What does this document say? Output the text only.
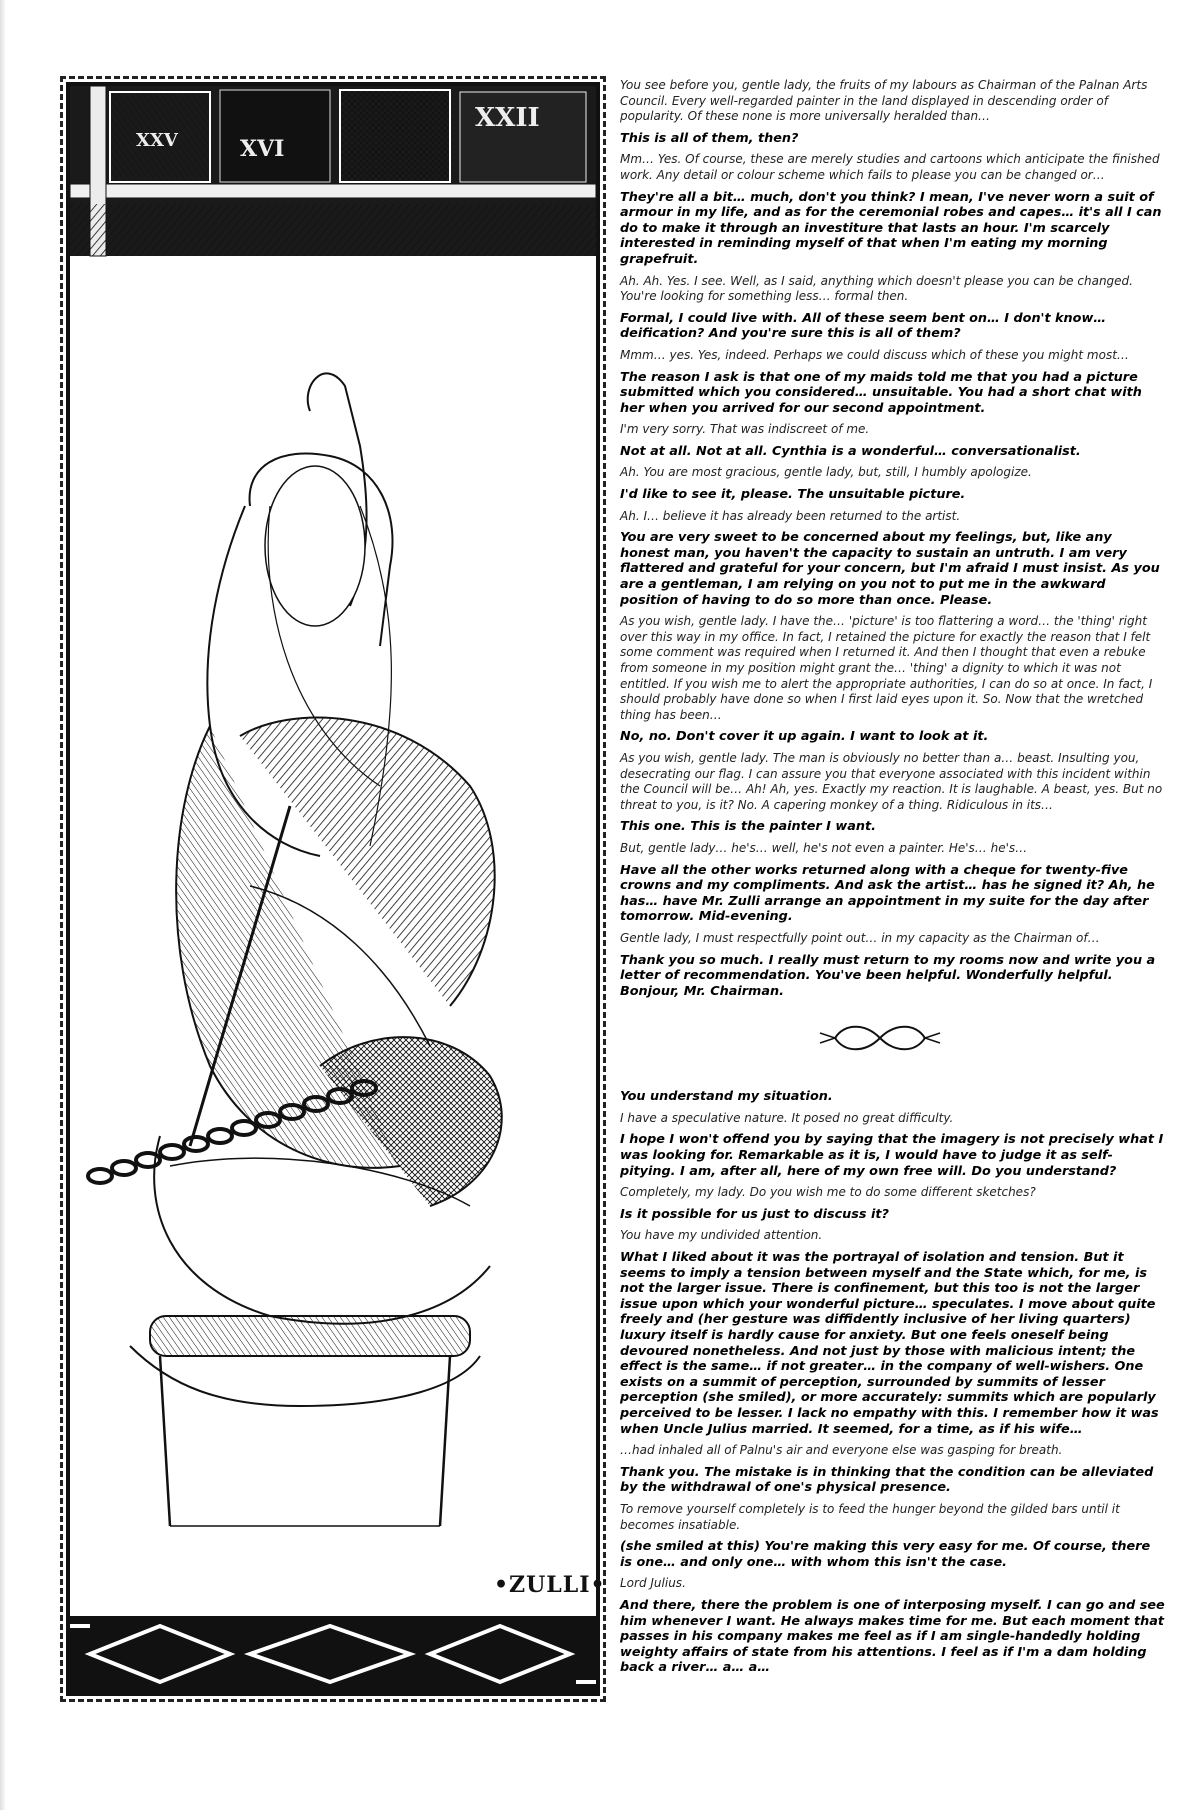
XVI
XXV
XXII
•ZULLI•

You see before you, gentle lady, the fruits of my labours as Chairman of the Palnan Arts Council. Every well-regarded painter in the land displayed in descending order of popularity. Of these none is more universally heralded than…

This is all of them, then?

Mm… Yes. Of course, these are merely studies and cartoons which anticipate the finished work. Any detail or colour scheme which fails to please you can be changed or…

They're all a bit… much, don't you think? I mean, I've never worn a suit of armour in my life, and as for the ceremonial robes and capes… it's all I can do to make it through an investiture that lasts an hour. I'm scarcely interested in reminding myself of that when I'm eating my morning grapefruit.

Ah. Ah. Yes. I see. Well, as I said, anything which doesn't please you can be changed. You're looking for something less… formal then.

Formal, I could live with. All of these seem bent on… I don't know… deification? And you're sure this is all of them?

Mmm… yes. Yes, indeed. Perhaps we could discuss which of these you might most…

The reason I ask is that one of my maids told me that you had a picture submitted which you considered… unsuitable. You had a short chat with her when you arrived for our second appointment.

I'm very sorry. That was indiscreet of me.

Not at all. Not at all. Cynthia is a wonderful… conversationalist.

Ah. You are most gracious, gentle lady, but, still, I humbly apologize.

I'd like to see it, please. The unsuitable picture.

Ah. I… believe it has already been returned to the artist.

You are very sweet to be concerned about my feelings, but, like any honest man, you haven't the capacity to sustain an untruth. I am very flattered and grateful for your concern, but I'm afraid I must insist. As you are a gentleman, I am relying on you not to put me in the awkward position of having to do so more than once. Please.

As you wish, gentle lady. I have the… 'picture' is too flattering a word… the 'thing' right over this way in my office. In fact, I retained the picture for exactly the reason that I felt some comment was required when I returned it. And then I thought that even a rebuke from someone in my position might grant the… 'thing' a dignity to which it was not entitled. If you wish me to alert the appropriate authorities, I can do so at once. In fact, I should probably have done so when I first laid eyes upon it. So. Now that the wretched thing has been…

No, no. Don't cover it up again. I want to look at it.

As you wish, gentle lady. The man is obviously no better than a… beast. Insulting you, desecrating our flag. I can assure you that everyone associated with this incident within the Council will be… Ah! Ah, yes. Exactly my reaction. It is laughable. A beast, yes. But no threat to you, is it? No. A capering monkey of a thing. Ridiculous in its…

This one. This is the painter I want.

But, gentle lady… he's… well, he's not even a painter. He's… he's…

Have all the other works returned along with a cheque for twenty-five crowns and my compliments. And ask the artist… has he signed it? Ah, he has… have Mr. Zulli arrange an appointment in my suite for the day after tomorrow. Mid-evening.

Gentle lady, I must respectfully point out… in my capacity as the Chairman of…

Thank you so much. I really must return to my rooms now and write you a letter of recommendation. You've been helpful. Wonderfully helpful. Bonjour, Mr. Chairman.

You understand my situation.

I have a speculative nature. It posed no great difficulty.

I hope I won't offend you by saying that the imagery is not precisely what I was looking for. Remarkable as it is, I would have to judge it as self-pitying. I am, after all, here of my own free will. Do you understand?

Completely, my lady. Do you wish me to do some different sketches?

Is it possible for us just to discuss it?

You have my undivided attention.

What I liked about it was the portrayal of isolation and tension. But it seems to imply a tension between myself and the State which, for me, is not the larger issue. There is confinement, but this too is not the larger issue upon which your wonderful picture… speculates. I move about quite freely and (her gesture was diffidently inclusive of her living quarters) luxury itself is hardly cause for anxiety. But one feels oneself being devoured nonetheless. And not just by those with malicious intent; the effect is the same… if not greater… in the company of well-wishers. One exists on a summit of perception, surrounded by summits of lesser perception (she smiled), or more accurately: summits which are popularly perceived to be lesser. I lack no empathy with this. I remember how it was when Uncle Julius married. It seemed, for a time, as if his wife…

…had inhaled all of Palnu's air and everyone else was gasping for breath.

Thank you. The mistake is in thinking that the condition can be alleviated by the withdrawal of one's physical presence.

To remove yourself completely is to feed the hunger beyond the gilded bars until it becomes insatiable.

(she smiled at this) You're making this very easy for me. Of course, there is one… and only one… with whom this isn't the case.

Lord Julius.

And there, there the problem is one of interposing myself. I can go and see him whenever I want. He always makes time for me. But each moment that passes in his company makes me feel as if I am single-handedly holding weighty affairs of state from his attentions. I feel as if I'm a dam holding back a river… a… a…
